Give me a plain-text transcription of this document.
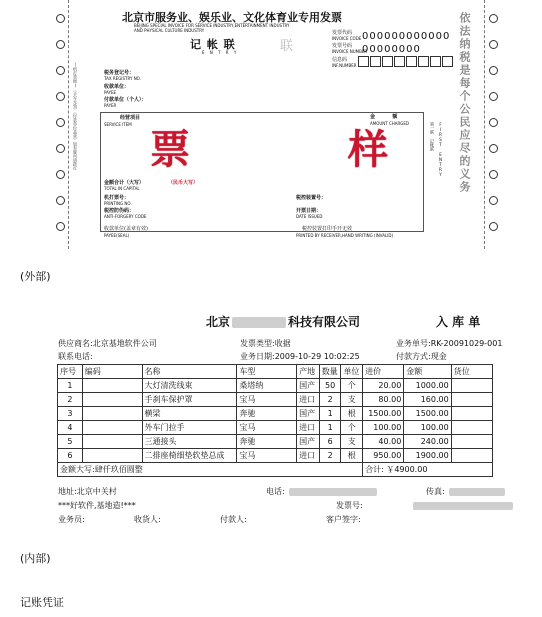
北京市服务业、娱乐业、文化体育业专用发票
BEIJING SPECIAL INVOICE FOR SERVICE INDUSTRY,ENTERTAINMENT INDUSTRY
AND PHYSICAL CULTURE INDUSTRY
记 帐 联	联
E N T R Y
发票代码
INVOICE CODE 000000000000
发票号码
INVOICE NUMBER
00000000
信息码
INF.NUMBER
(机打票据)（手写无效）（付款单位盖章）如有疑问请拨打	依法纳税是每个公民应尽的义务
税务登记号：
TAX REGISTRY NO.
收款单位：
PAYEE
付款单位（个人）：
PAYER
经营项目
SERVICE ITEM
金          额
AMOUNT CHARGED
票	样	第一联 记帐联 FIRST ENTRY
金额合计（大写）	（民币大写）
TOTAL IN CAPITAL
机打票号：
PRINTING NO.
税控防伪码：
ANTI-FORGERY CODE
税控装置号：
开票日期：
DATE ISSUED
收款单位(盖章有效)
PAYEE(SEAL)
税控装置打印手开无效
PRINTED BY RECEIVER,HAND WRITING (INVALID)
(外部)
北京	科技有限公司	入 库 单
供应商名:北京基地软件公司	发票类型:收据	业务单号:RK-20091029-001
联系电话:	业务日期:2009-10-29 10:02:25	付款方式:现金
序号	编码	名称	车型	产地	数量	单位	进价	金额	货位
1		大灯清洗线束	桑塔纳	国产	50	个	20.00	1000.00	
2		手刹车保护罩	宝马	进口	2	支	80.00	160.00	
3		横梁	奔驰	国产	1	根	1500.00	1500.00	
4		外车门拉手	宝马	进口	1	个	100.00	100.00	
5		三通接头	奔驰	国产	6	支	40.00	240.00	
6		二排座椅细垫软垫总成	宝马	进口	2	根	950.00	1900.00	
金额大写:肆仟玖佰圆整							合计: ￥4900.00		
地址:北京中关村	电话:	传真:
***好软件,基地造!***	发票号:
业务员:	收货人:	付款人:	客户签字:
(内部)
记账凭证
